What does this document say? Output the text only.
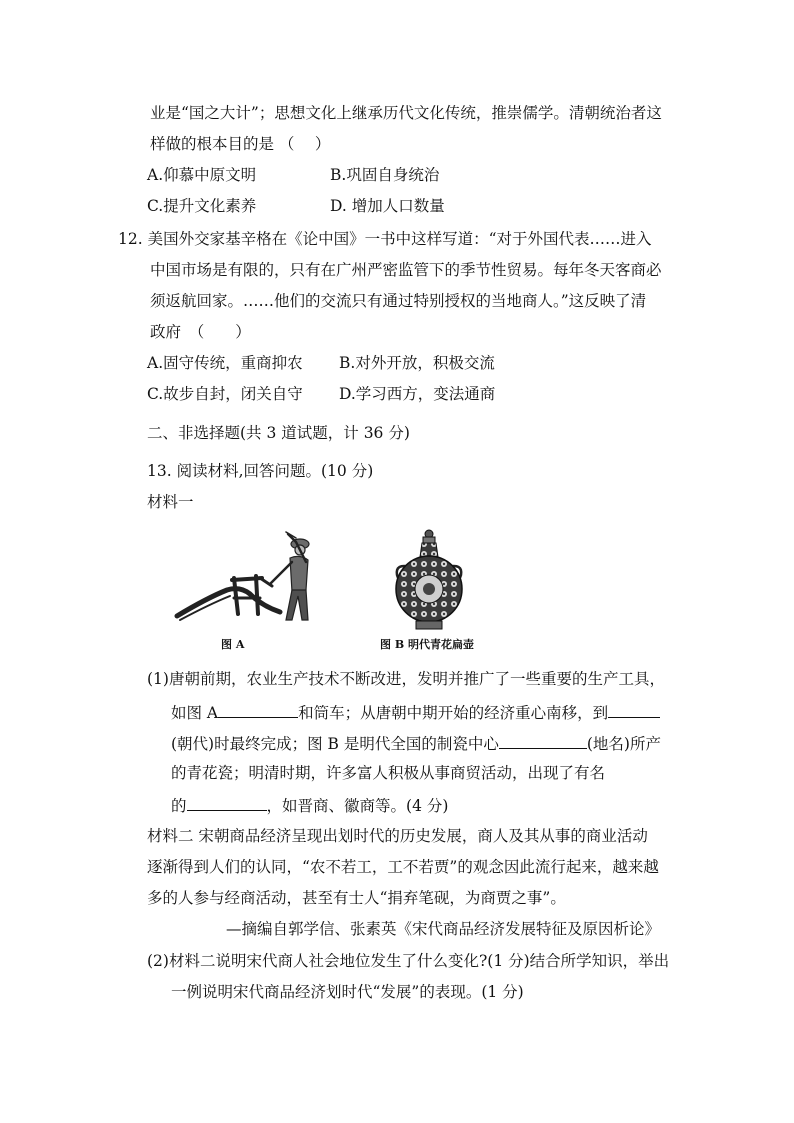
业是“国之大计”；思想文化上继承历代文化传统，推崇儒学。清朝统治者这
样做的根本目的是 （　 ）
A.仰慕中原文明	B.巩固自身统治
C.提升文化素养	D. 增加人口数量
12. 美国外交家基辛格在《论中国》一书中这样写道：“对于外国代表……进入
中国市场是有限的，只有在广州严密监管下的季节性贸易。每年冬天客商必
须返航回家。……他们的交流只有通过特别授权的当地商人。”这反映了清
政府　（　　）
A.固守传统，重商抑农 B.对外开放，积极交流
C.故步自封，闭关自守 D.学习西方，变法通商
二、非选择题(共 3 道试题，计 36 分)
13. 阅读材料,回答问题。(10 分)
材料一
图 A	图 B 明代青花扁壶
(1)唐朝前期，农业生产技术不断改进，发明并推广了一些重要的生产工具，
如图 A	和筒车；从唐朝中期开始的经济重心南移，到
(朝代)时最终完成；图 B 是明代全国的制瓷中心	(地名)所产
的青花瓷；明清时期，许多富人积极从事商贸活动，出现了有名
的	，如晋商、徽商等。(4 分)
材料二 宋朝商品经济呈现出划时代的历史发展，商人及其从事的商业活动
逐渐得到人们的认同，“农不若工，工不若贾”的观念因此流行起来，越来越
多的人参与经商活动，甚至有士人“捐弃笔砚，为商贾之事”。
—摘编自郭学信、张素英《宋代商品经济发展特征及原因析论》
(2)材料二说明宋代商人社会地位发生了什么变化?(1 分)结合所学知识，举出
一例说明宋代商品经济划时代“发展”的表现。(1 分)
